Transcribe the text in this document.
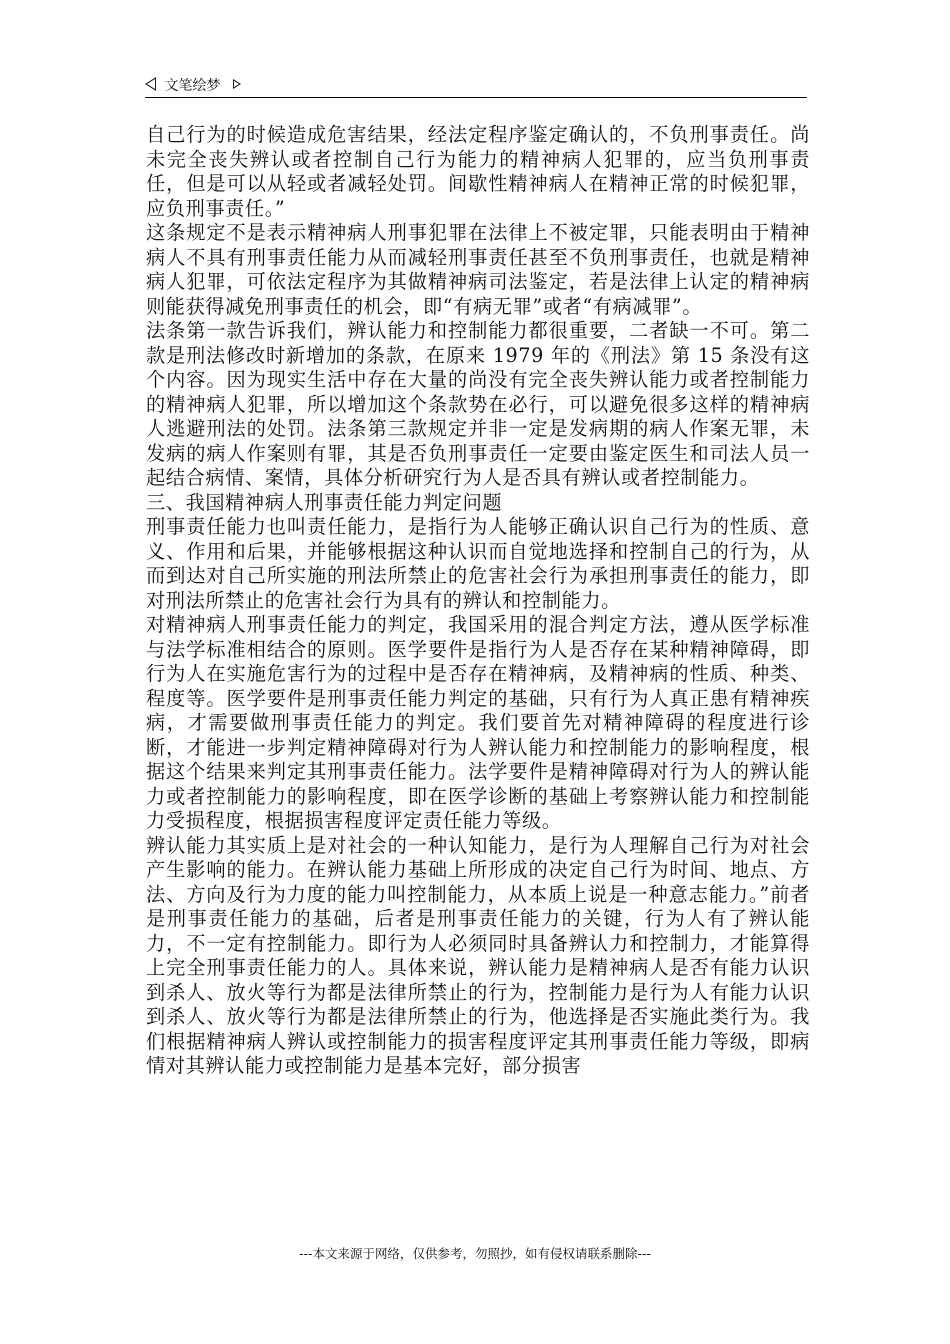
文笔绘梦

自己行为的时候造成危害结果，经法定程序鉴定确认的，不负刑事责任。尚未完全丧失辨认或者控制自己行为能力的精神病人犯罪的，应当负刑事责任，但是可以从轻或者减轻处罚。间歇性精神病人在精神正常的时候犯罪，应负刑事责任。”

这条规定不是表示精神病人刑事犯罪在法律上不被定罪，只能表明由于精神病人不具有刑事责任能力从而减轻刑事责任甚至不负刑事责任，也就是精神病人犯罪，可依法定程序为其做精神病司法鉴定，若是法律上认定的精神病则能获得减免刑事责任的机会，即“有病无罪”或者“有病减罪”。

法条第一款告诉我们，辨认能力和控制能力都很重要，二者缺一不可。第二款是刑法修改时新增加的条款，在原来 1979 年的《刑法》第 15 条没有这个内容。因为现实生活中存在大量的尚没有完全丧失辨认能力或者控制能力的精神病人犯罪，所以增加这个条款势在必行，可以避免很多这样的精神病人逃避刑法的处罚。法条第三款规定并非一定是发病期的病人作案无罪，未发病的病人作案则有罪，其是否负刑事责任一定要由鉴定医生和司法人员一起结合病情、案情，具体分析研究行为人是否具有辨认或者控制能力。

三、我国精神病人刑事责任能力判定问题

刑事责任能力也叫责任能力，是指行为人能够正确认识自己行为的性质、意义、作用和后果，并能够根据这种认识而自觉地选择和控制自己的行为，从而到达对自己所实施的刑法所禁止的危害社会行为承担刑事责任的能力，即对刑法所禁止的危害社会行为具有的辨认和控制能力。

对精神病人刑事责任能力的判定，我国采用的混合判定方法，遵从医学标准与法学标准相结合的原则。医学要件是指行为人是否存在某种精神障碍，即行为人在实施危害行为的过程中是否存在精神病，及精神病的性质、种类、程度等。医学要件是刑事责任能力判定的基础，只有行为人真正患有精神疾病，才需要做刑事责任能力的判定。我们要首先对精神障碍的程度进行诊断，才能进一步判定精神障碍对行为人辨认能力和控制能力的影响程度，根据这个结果来判定其刑事责任能力。法学要件是精神障碍对行为人的辨认能力或者控制能力的影响程度，即在医学诊断的基础上考察辨认能力和控制能力受损程度，根据损害程度评定责任能力等级。

辨认能力其实质上是对社会的一种认知能力，是行为人理解自己行为对社会产生影响的能力。在辨认能力基础上所形成的决定自己行为时间、地点、方法、方向及行为力度的能力叫控制能力，从本质上说是一种意志能力。”前者是刑事责任能力的基础，后者是刑事责任能力的关键，行为人有了辨认能力，不一定有控制能力。即行为人必须同时具备辨认力和控制力，才能算得上完全刑事责任能力的人。具体来说，辨认能力是精神病人是否有能力认识到杀人、放火等行为都是法律所禁止的行为，控制能力是行为人有能力认识到杀人、放火等行为都是法律所禁止的行为，他选择是否实施此类行为。我们根据精神病人辨认或控制能力的损害程度评定其刑事责任能力等级，即病情对其辨认能力或控制能力是基本完好，部分损害

---本文来源于网络，仅供参考，勿照抄，如有侵权请联系删除---
